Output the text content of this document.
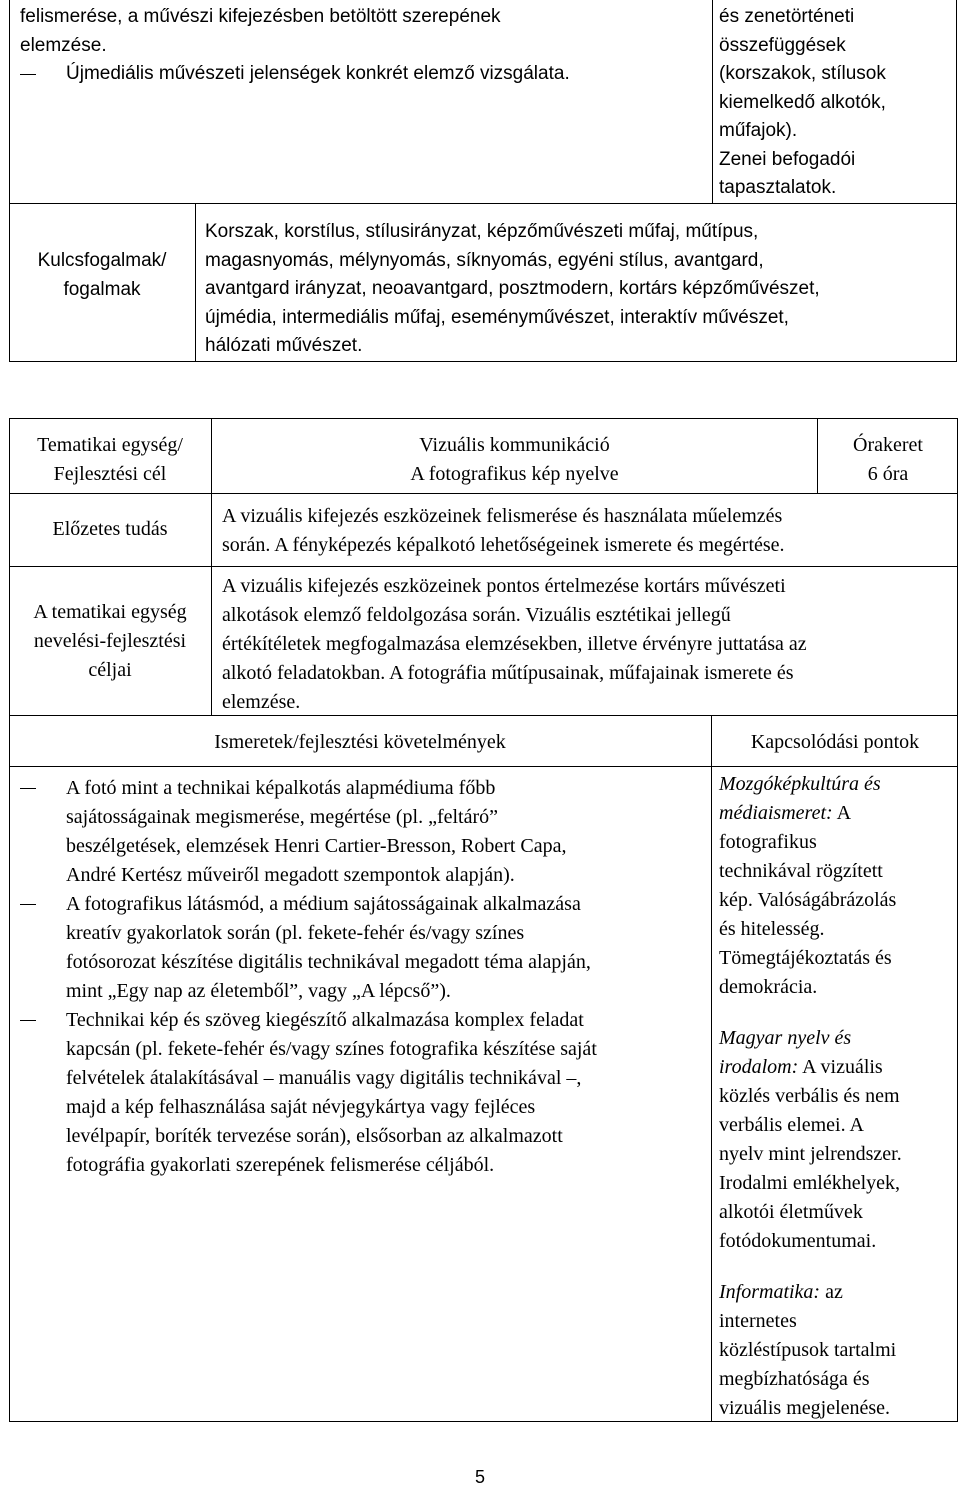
felismerése, a művészi kifejezésben betöltött szerepének
elemzése.
Újmediális művészeti jelenségek konkrét elemző vizsgálata.
és zenetörténeti
összefüggések
(korszakok, stílusok
kiemelkedő alkotók,
műfajok).
Zenei befogadói
tapasztalatok.
Kulcsfogalmak/
fogalmak
Korszak, korstílus, stílusirányzat, képzőművészeti műfaj, műtípus,
magasnyomás, mélynyomás, síknyomás, egyéni stílus, avantgard,
avantgard irányzat, neoavantgard, posztmodern, kortárs képzőművészet,
újmédia, intermediális műfaj, eseményművészet, interaktív művészet,
hálózati művészet.
Tematikai egység/
Fejlesztési cél
Vizuális kommunikáció
A fotografikus kép nyelve
Órakeret
6 óra
Előzetes tudás
A vizuális kifejezés eszközeinek felismerése és használata műelemzés
során. A fényképezés képalkotó lehetőségeinek ismerete és megértése.
A tematikai egység
nevelési-fejlesztési
céljai
A vizuális kifejezés eszközeinek pontos értelmezése kortárs művészeti
alkotások elemző feldolgozása során. Vizuális esztétikai jellegű
értékítéletek megfogalmazása elemzésekben, illetve érvényre juttatása az
alkotó feladatokban. A fotográfia műtípusainak, műfajainak ismerete és
elemzése.
Ismeretek/fejlesztési követelmények	Kapcsolódási pontok
A fotó mint a technikai képalkotás alapmédiuma főbb
sajátosságainak megismerése, megértése (pl. „feltáró”
beszélgetések, elemzések Henri Cartier-Bresson, Robert Capa,
André Kertész műveiről megadott szempontok alapján).
A fotografikus látásmód, a médium sajátosságainak alkalmazása
kreatív gyakorlatok során (pl. fekete-fehér és/vagy színes
fotósorozat készítése digitális technikával megadott téma alapján,
mint „Egy nap az életemből”, vagy „A lépcső”).
Technikai kép és szöveg kiegészítő alkalmazása komplex feladat
kapcsán (pl. fekete-fehér és/vagy színes fotografika készítése saját
felvételek átalakításával – manuális vagy digitális technikával –,
majd a kép felhasználása saját névjegykártya vagy fejléces
levélpapír, boríték tervezése során), elsősorban az alkalmazott
fotográfia gyakorlati szerepének felismerése céljából.
Mozgóképkultúra és
médiaismeret: A
fotografikus
technikával rögzített
kép. Valóságábrázolás
és hitelesség.
Tömegtájékoztatás és
demokrácia.
Magyar nyelv és
irodalom: A vizuális
közlés verbális és nem
verbális elemei. A
nyelv mint jelrendszer.
Irodalmi emlékhelyek,
alkotói életművek
fotódokumentumai.
Informatika: az
internetes
közléstípusok tartalmi
megbízhatósága és
vizuális megjelenése.
5
